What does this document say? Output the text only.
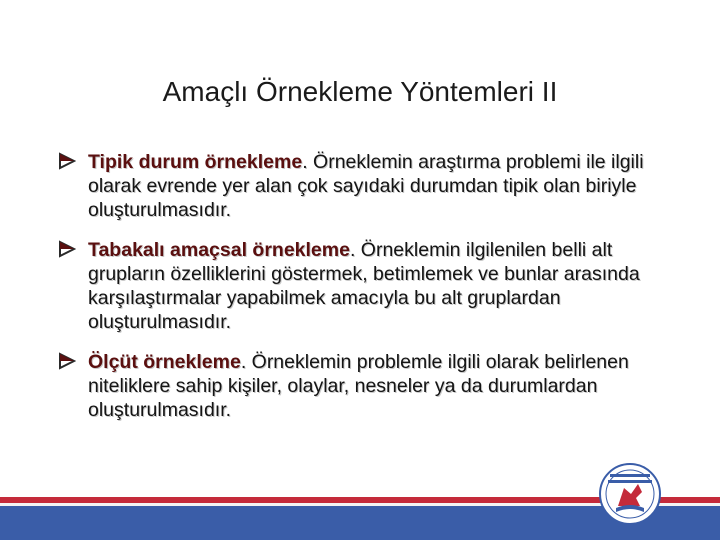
Amaçlı Örnekleme Yöntemleri II
Tipik durum örnekleme. Örneklemin araştırma problemi ile ilgili olarak evrende yer alan çok sayıdaki durumdan tipik olan biriyle oluşturulmasıdır.
Tabakalı amaçsal örnekleme. Örneklemin ilgilenilen belli alt grupların özelliklerini göstermek, betimlemek ve bunlar arasında karşılaştırmalar yapabilmek amacıyla bu alt gruplardan oluşturulmasıdır.
Ölçüt örnekleme. Örneklemin problemle ilgili olarak belirlenen niteliklere sahip kişiler, olaylar, nesneler ya da durumlardan oluşturulmasıdır.
